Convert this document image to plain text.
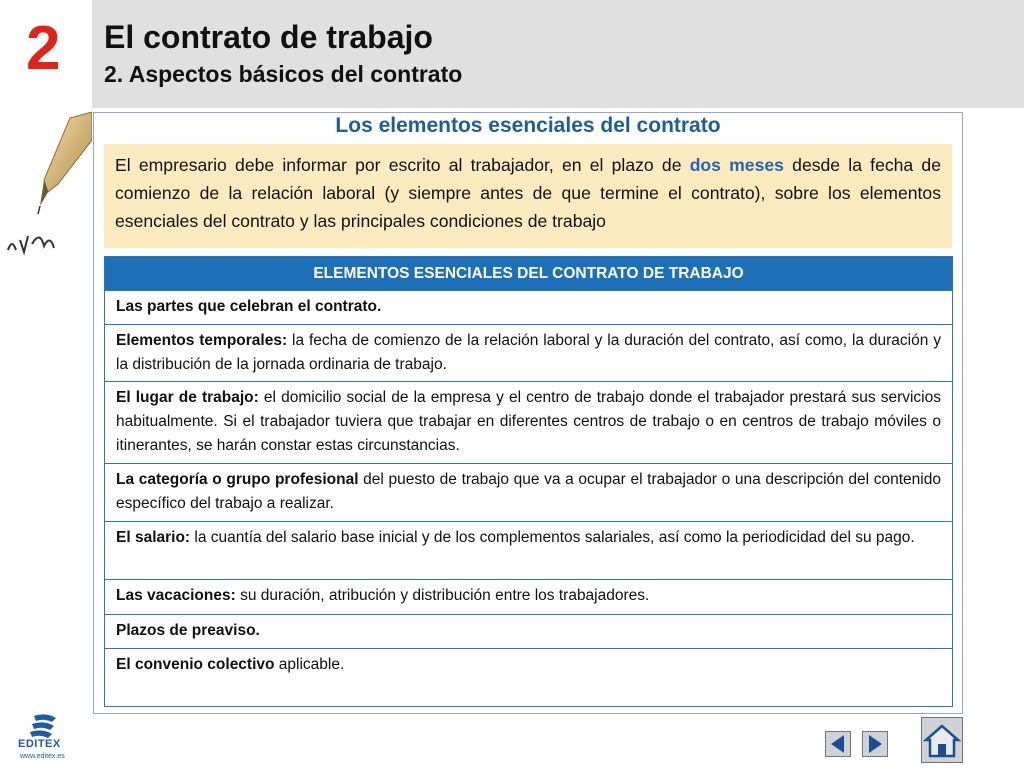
2 El contrato de trabajo
2. Aspectos básicos del contrato
Los elementos esenciales del contrato
El empresario debe informar por escrito al trabajador, en el plazo de dos meses desde la fecha de comienzo de la relación laboral (y siempre antes de que termine el contrato), sobre los elementos esenciales del contrato y las principales condiciones de trabajo
ELEMENTOS ESENCIALES DEL CONTRATO DE TRABAJO
Las partes que celebran el contrato.
Elementos temporales: la fecha de comienzo de la relación laboral y la duración del contrato, así como, la duración y la distribución de la jornada ordinaria de trabajo.
El lugar de trabajo: el domicilio social de la empresa y el centro de trabajo donde el trabajador prestará sus servicios habitualmente. Si el trabajador tuviera que trabajar en diferentes centros de trabajo o en centros de trabajo móviles o itinerantes, se harán constar estas circunstancias.
La categoría o grupo profesional del puesto de trabajo que va a ocupar el trabajador o una descripción del contenido específico del trabajo a realizar.
El salario: la cuantía del salario base inicial y de los complementos salariales, así como la periodicidad del su pago.
Las vacaciones: su duración, atribución y distribución entre los trabajadores.
Plazos de preaviso.
El convenio colectivo aplicable.
EDITEX
www.editex.es
